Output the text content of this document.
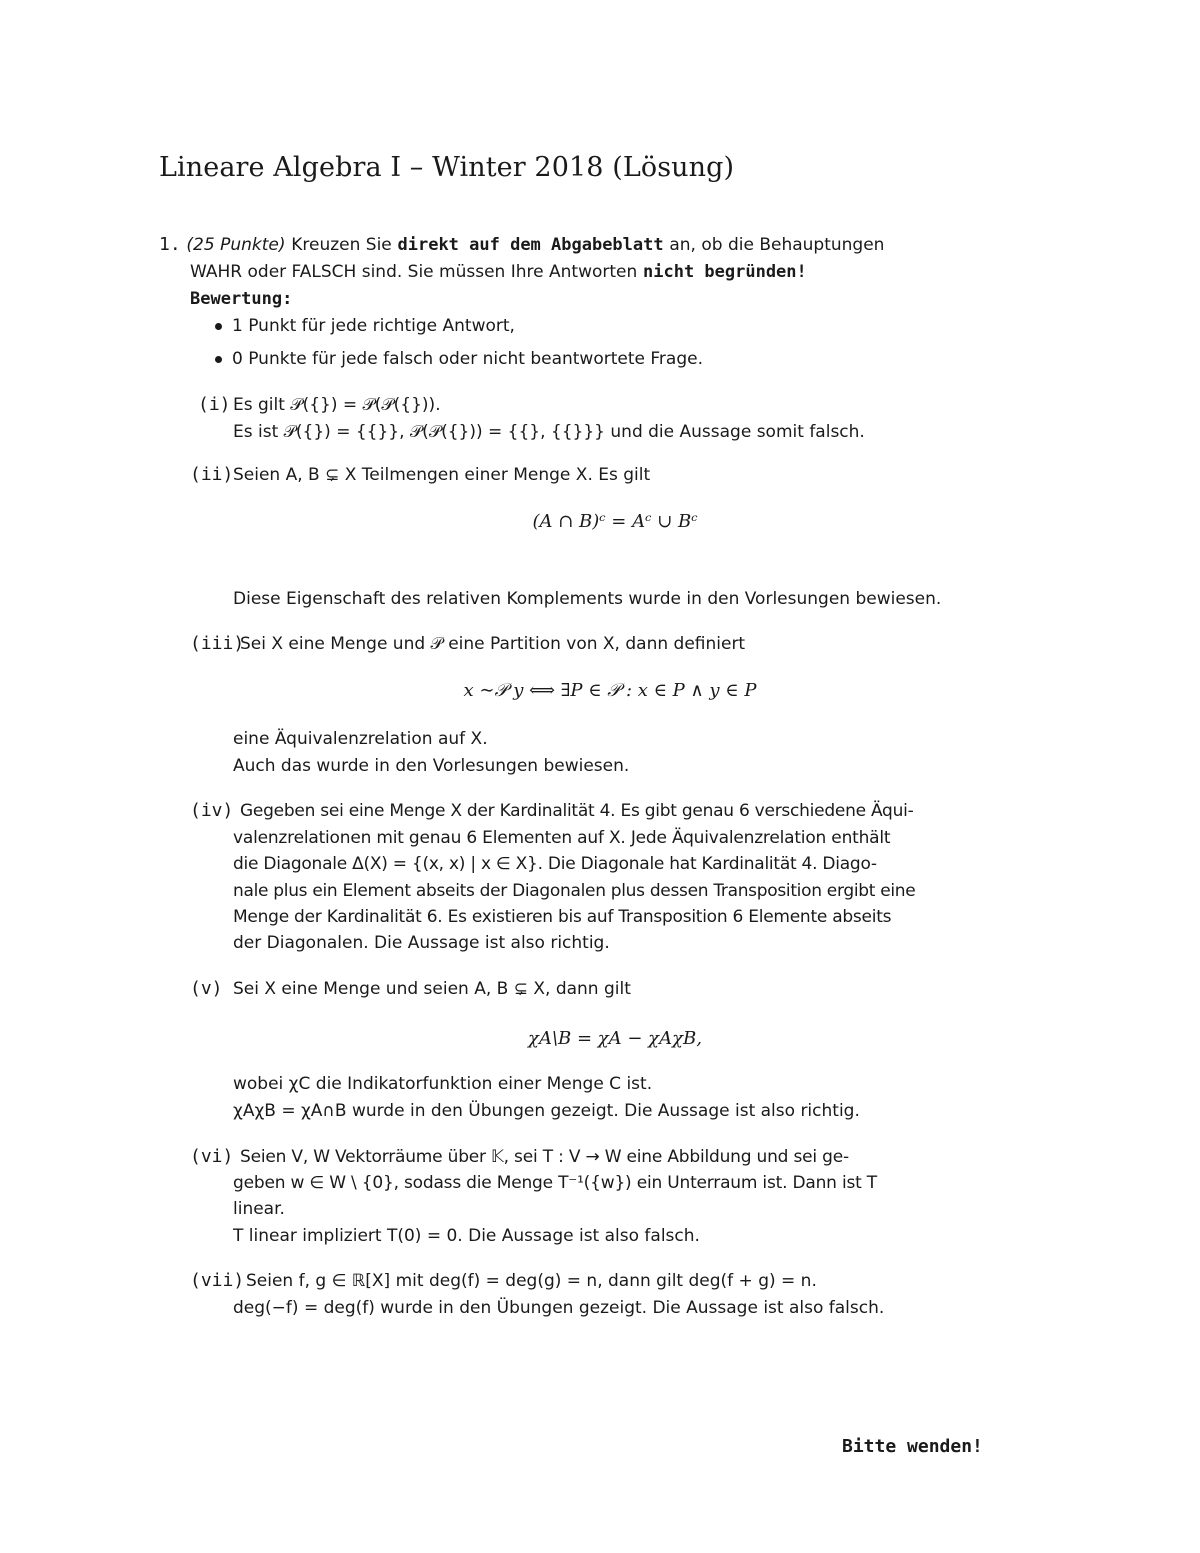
Lineare Algebra I – Winter 2018 (Lösung)
1. (25 Punkte) Kreuzen Sie direkt auf dem Abgabeblatt an, ob die Behauptungen
WAHR oder FALSCH sind. Sie müssen Ihre Antworten nicht begründen!
Bewertung:
1 Punkt für jede richtige Antwort,
0 Punkte für jede falsch oder nicht beantwortete Frage.
(i) Es gilt 𝒫({}) = 𝒫(𝒫({})).
Es ist 𝒫({}) = {{}}, 𝒫(𝒫({})) = {{}, {{}}} und die Aussage somit falsch.
(ii) Seien A, B ⊊ X Teilmengen einer Menge X. Es gilt
(A ∩ B)ᶜ = Aᶜ ∪ Bᶜ
Diese Eigenschaft des relativen Komplements wurde in den Vorlesungen bewiesen.
(iii)
Sei X eine Menge und 𝒫 eine Partition von X, dann definiert
x ∼𝒫 y ⟺ ∃P ∈ 𝒫 : x ∈ P ∧ y ∈ P
eine Äquivalenzrelation auf X.
Auch das wurde in den Vorlesungen bewiesen.
(iv) Gegeben sei eine Menge X der Kardinalität 4. Es gibt genau 6 verschiedene Äqui-
valenzrelationen mit genau 6 Elementen auf X. Jede Äquivalenzrelation enthält
die Diagonale Δ(X) = {(x, x) | x ∈ X}. Die Diagonale hat Kardinalität 4. Diago-
nale plus ein Element abseits der Diagonalen plus dessen Transposition ergibt eine
Menge der Kardinalität 6. Es existieren bis auf Transposition 6 Elemente abseits
der Diagonalen. Die Aussage ist also richtig.
(v) Sei X eine Menge und seien A, B ⊊ X, dann gilt
χA\B = χA − χAχB,
wobei χC die Indikatorfunktion einer Menge C ist.
χAχB = χA∩B wurde in den Übungen gezeigt. Die Aussage ist also richtig.
(vi) Seien V, W Vektorräume über 𝕂, sei T : V → W eine Abbildung und sei ge-
geben w ∈ W \ {0}, sodass die Menge T⁻¹({w}) ein Unterraum ist. Dann ist T
linear.
T linear impliziert T(0) = 0. Die Aussage ist also falsch.
(vii) Seien f, g ∈ ℝ[X] mit deg(f) = deg(g) = n, dann gilt deg(f + g) = n.
deg(−f) = deg(f) wurde in den Übungen gezeigt. Die Aussage ist also falsch.
Bitte wenden!
